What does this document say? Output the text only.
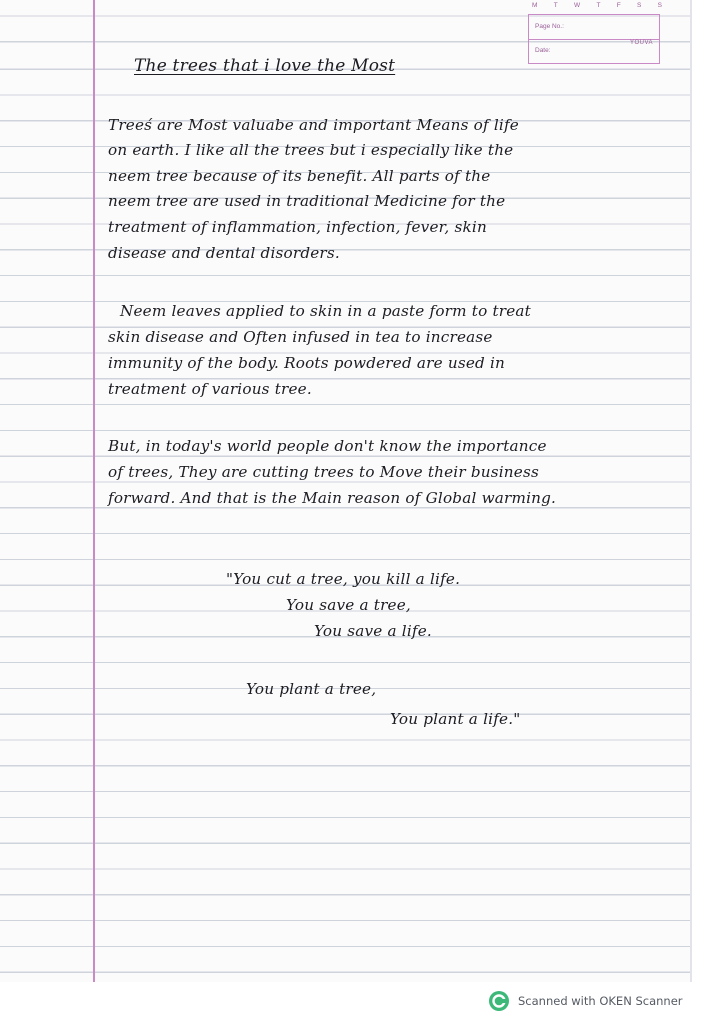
M	T	W	T	F	S	S
Page No.:
Date:
YOUVA
The trees that i love the Most
Treeś are Most valuabe and important Means of life
on earth. I like all the trees but i especially like the
neem tree because of its benefit. All parts of the
neem tree are used in traditional Medicine for the
treatment of inflammation, infection, fever, skin
disease and dental disorders.
Neem leaves applied to skin in a paste form to treat
skin disease and Often infused in tea to increase
immunity of the body. Roots powdered are used in
treatment of various tree.
But, in today's world people don't know the importance
of trees, They are cutting trees to Move their business
forward. And that is the Main reason of Global warming.
"You cut a tree, you kill a life.
You save a tree,
You save a life.
You plant a tree,
You plant a life."
Scanned with OKEN Scanner
